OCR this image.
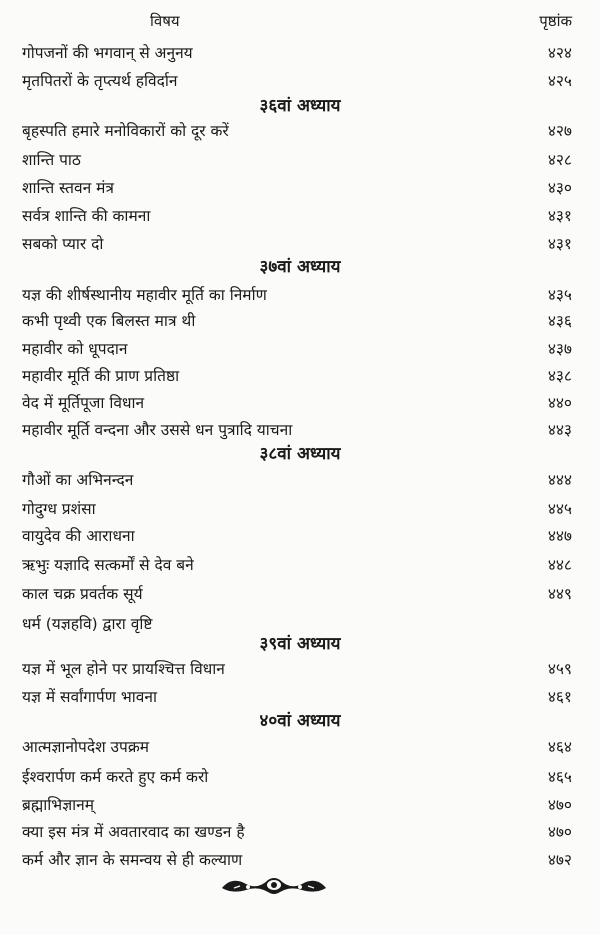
विषय	पृष्ठांक
गोपजनों की भगवान् से अनुनय	४२४
मृतपितरों के तृप्त्यर्थ हविर्दान	४२५
३६वां अध्याय
बृहस्पति हमारे मनोविकारों को दूर करें	४२७
शान्ति पाठ	४२८
शान्ति स्तवन मंत्र	४३०
सर्वत्र शान्ति की कामना	४३१
सबको प्यार दो	४३१
३७वां अध्याय
यज्ञ की शीर्षस्थानीय महावीर मूर्ति का निर्माण	४३५
कभी पृथ्वी एक बिलस्त मात्र थी	४३६
महावीर को धूपदान	४३७
महावीर मूर्ति की प्राण प्रतिष्ठा	४३८
वेद में मूर्तिपूजा विधान	४४०
महावीर मूर्ति वन्दना और उससे धन पुत्रादि याचना	४४३
३८वां अध्याय
गौओं का अभिनन्दन	४४४
गोदुग्ध प्रशंसा	४४५
वायुदेव की आराधना	४४७
ऋभुः यज्ञादि सत्कर्मों से देव बने	४४८
काल चक्र प्रवर्तक सूर्य	४४९
धर्म (यज्ञहवि) द्वारा वृष्टि
३९वां अध्याय
यज्ञ में भूल होने पर प्रायश्चित्त विधान	४५९
यज्ञ में सर्वांगार्पण भावना	४६१
४०वां अध्याय
आत्मज्ञानोपदेश उपक्रम	४६४
ईश्वरार्पण कर्म करते हुए कर्म करो	४६५
ब्रह्माभिज्ञानम्	४७०
क्या इस मंत्र में अवतारवाद का खण्डन है	४७०
कर्म और ज्ञान के समन्वय से ही कल्याण	४७२
